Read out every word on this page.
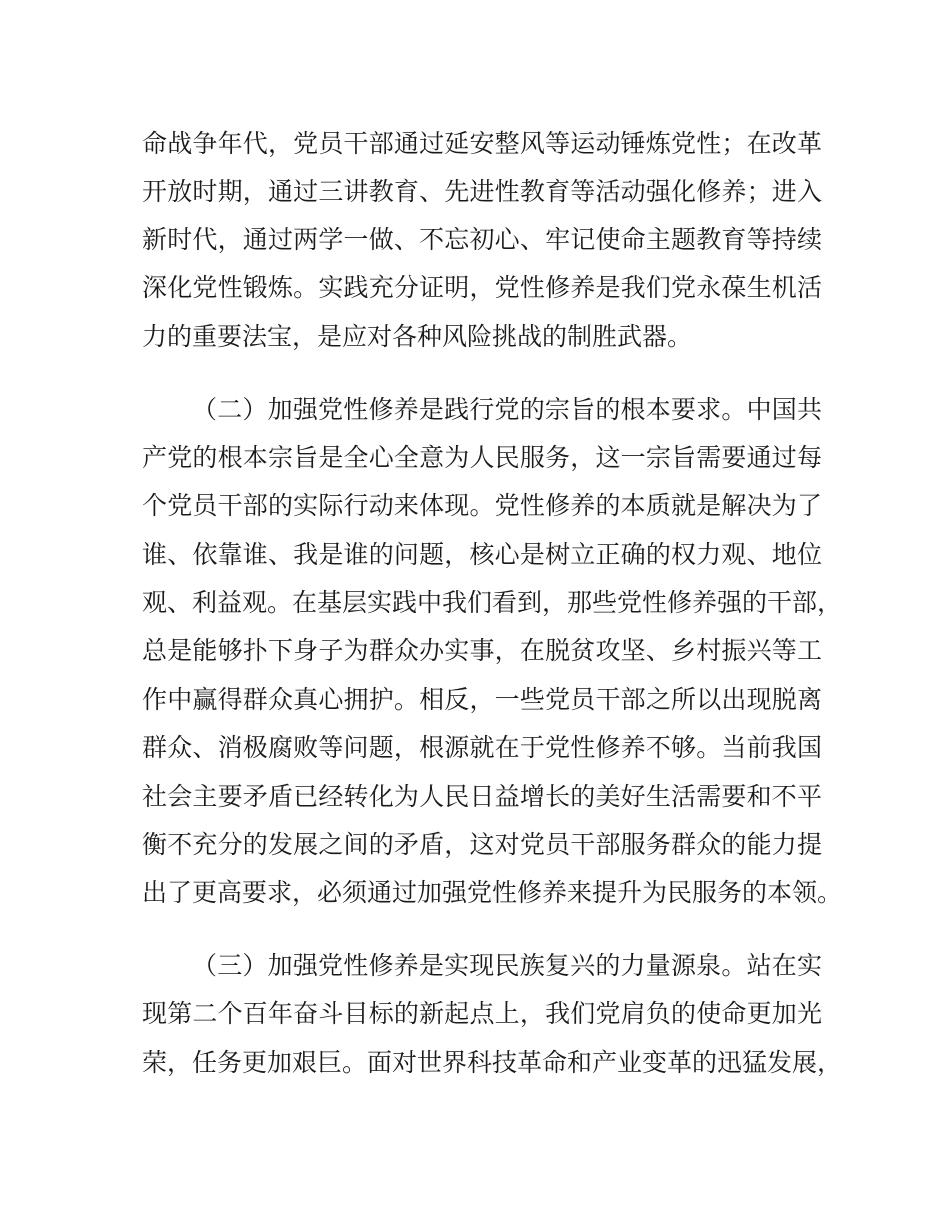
命战争年代，党员干部通过延安整风等运动锤炼党性；在改革
开放时期，通过三讲教育、先进性教育等活动强化修养；进入
新时代，通过两学一做、不忘初心、牢记使命主题教育等持续
深化党性锻炼。实践充分证明，党性修养是我们党永葆生机活
力的重要法宝，是应对各种风险挑战的制胜武器。
（二）加强党性修养是践行党的宗旨的根本要求。中国共
产党的根本宗旨是全心全意为人民服务，这一宗旨需要通过每
个党员干部的实际行动来体现。党性修养的本质就是解决为了
谁、依靠谁、我是谁的问题，核心是树立正确的权力观、地位
观、利益观。在基层实践中我们看到，那些党性修养强的干部，
总是能够扑下身子为群众办实事，在脱贫攻坚、乡村振兴等工
作中赢得群众真心拥护。相反，一些党员干部之所以出现脱离
群众、消极腐败等问题，根源就在于党性修养不够。当前我国
社会主要矛盾已经转化为人民日益增长的美好生活需要和不平
衡不充分的发展之间的矛盾，这对党员干部服务群众的能力提
出了更高要求，必须通过加强党性修养来提升为民服务的本领。
（三）加强党性修养是实现民族复兴的力量源泉。站在实
现第二个百年奋斗目标的新起点上，我们党肩负的使命更加光
荣，任务更加艰巨。面对世界科技革命和产业变革的迅猛发展，
